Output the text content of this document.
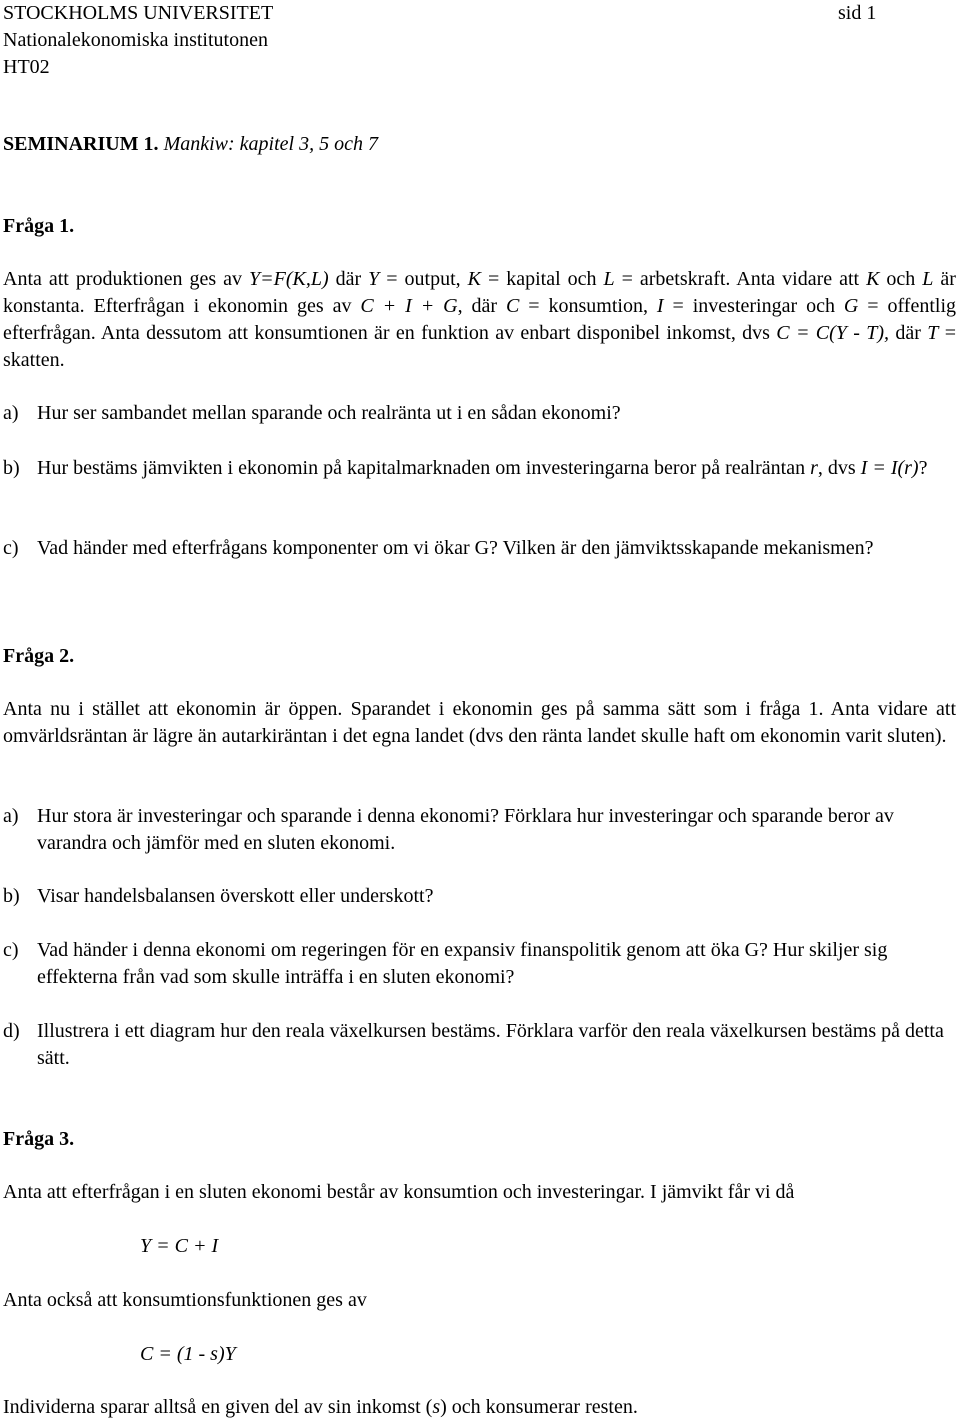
STOCKHOLMS UNIVERSITET	sid 1
Nationalekonomiska institutonen
HT02
SEMINARIUM 1. Mankiw: kapitel 3, 5 och 7
Fråga 1.

Anta att produktionen ges av Y=F(K,L) där Y = output, K = kapital och L = arbetskraft. Anta vidare att K och L är konstanta. Efterfrågan i ekonomin ges av C + I + G, där C = konsumtion, I = investeringar och G = offentlig efterfrågan. Anta dessutom att konsumtionen är en funktion av enbart disponibel inkomst, dvs C = C(Y - T), där T = skatten.

a) Hur ser sambandet mellan sparande och realränta ut i en sådan ekonomi?
b) Hur bestäms jämvikten i ekonomin på kapitalmarknaden om investeringarna beror på realräntan r, dvs I = I(r)?
c) Vad händer med efterfrågans komponenter om vi ökar G? Vilken är den jämviktsskapande mekanismen?
Fråga 2.

Anta nu i stället att ekonomin är öppen. Sparandet i ekonomin ges på samma sätt som i fråga 1. Anta vidare att omvärldsräntan är lägre än autarkiräntan i det egna landet (dvs den ränta landet skulle haft om ekonomin varit sluten).

a) Hur stora är investeringar och sparande i denna ekonomi? Förklara hur investeringar och sparande beror av varandra och jämför med en sluten ekonomi.
b) Visar handelsbalansen överskott eller underskott?
c) Vad händer i denna ekonomi om regeringen för en expansiv finanspolitik genom att öka G? Hur skiljer sig effekterna från vad som skulle inträffa i en sluten ekonomi?
d) Illustrera i ett diagram hur den reala växelkursen bestäms. Förklara varför den reala växelkursen bestäms på detta sätt.
Fråga 3.

Anta att efterfrågan i en sluten ekonomi består av konsumtion och investeringar. I jämvikt får vi då

Y = C + I

Anta också att konsumtionsfunktionen ges av

C = (1 - s)Y

Individerna sparar alltså en given del av sin inkomst (s) och konsumerar resten.
